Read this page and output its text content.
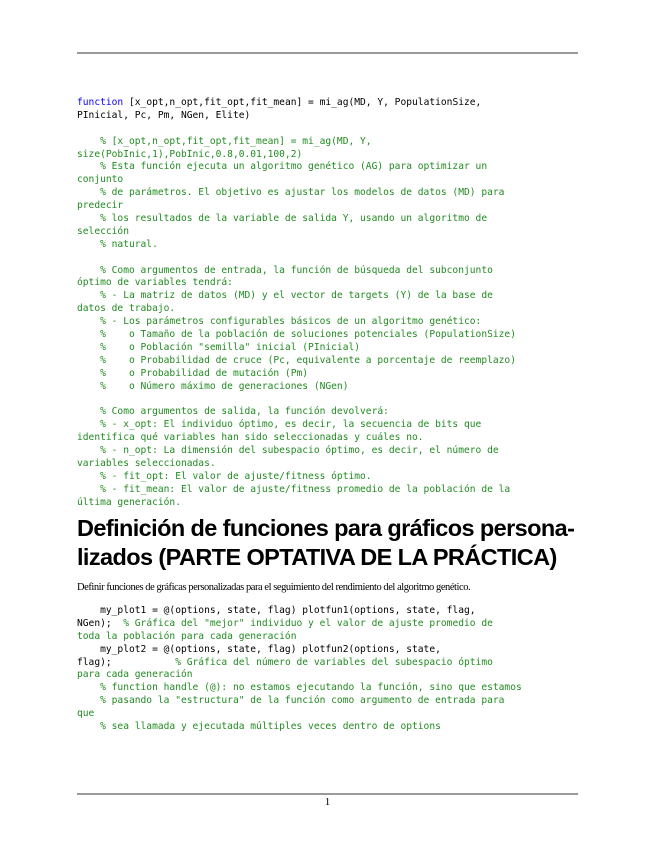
function [x_opt,n_opt,fit_opt,fit_mean] = mi_ag(MD, Y, PopulationSize,
PInicial, Pc, Pm, NGen, Elite)
% [x_opt,n_opt,fit_opt,fit_mean] = mi_ag(MD, Y,
size(PobInic,1),PobInic,0.8,0.01,100,2)
% Esta función ejecuta un algoritmo genético (AG) para optimizar un
conjunto
% de parámetros. El objetivo es ajustar los modelos de datos (MD) para
predecir
% los resultados de la variable de salida Y, usando un algoritmo de
selección
% natural.
% Como argumentos de entrada, la función de búsqueda del subconjunto
óptimo de variables tendrá:
% - La matriz de datos (MD) y el vector de targets (Y) de la base de
datos de trabajo.
% - Los parámetros configurables básicos de un algoritmo genético:
%    o Tamaño de la población de soluciones potenciales (PopulationSize)
%    o Población "semilla" inicial (PInicial)
%    o Probabilidad de cruce (Pc, equivalente a porcentaje de reemplazo)
%    o Probabilidad de mutación (Pm)
%    o Número máximo de generaciones (NGen)
% Como argumentos de salida, la función devolverá:
% - x_opt: El individuo óptimo, es decir, la secuencia de bits que
identifica qué variables han sido seleccionadas y cuáles no.
% - n_opt: La dimensión del subespacio óptimo, es decir, el número de
variables seleccionadas.
% - fit_opt: El valor de ajuste/fitness óptimo.
% - fit_mean: El valor de ajuste/fitness promedio de la población de la
última generación.
Definición de funciones para gráficos persona-
lizados (PARTE OPTATIVA DE LA PRÁCTICA)

Definir funciones de gráficas personalizadas para el seguimiento del rendimiento del algoritmo genético.

my_plot1 = @(options, state, flag) plotfun1(options, state, flag,
NGen);  % Gráfica del "mejor" individuo y el valor de ajuste promedio de
toda la población para cada generación
my_plot2 = @(options, state, flag) plotfun2(options, state,
flag);           % Gráfica del número de variables del subespacio óptimo
para cada generación
% function handle (@): no estamos ejecutando la función, sino que estamos
% pasando la "estructura" de la función como argumento de entrada para
que
% sea llamada y ejecutada múltiples veces dentro de options
1
